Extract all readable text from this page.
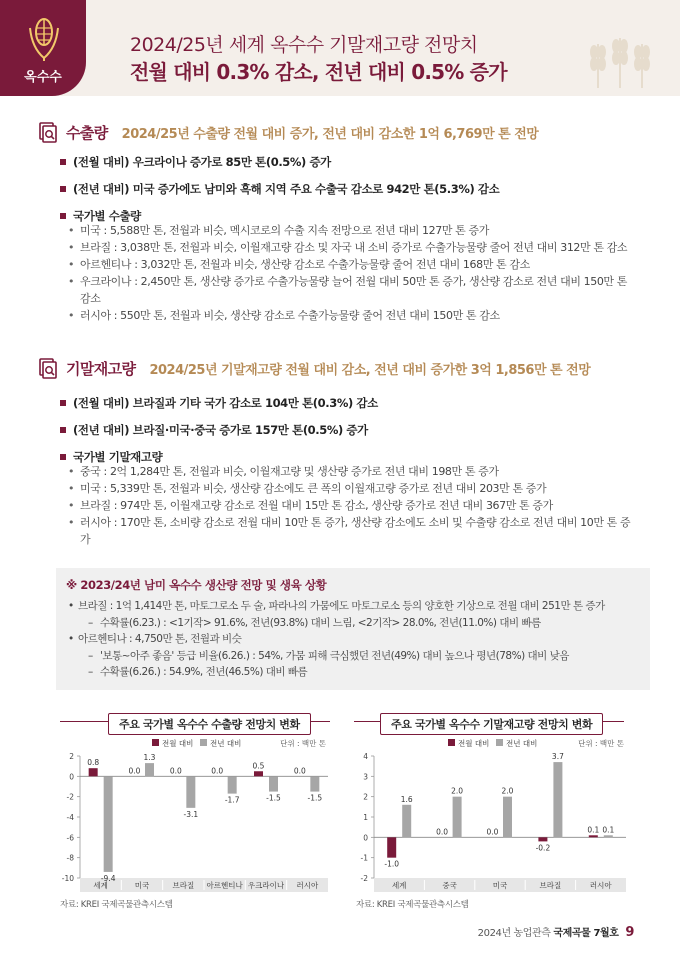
옥수수
2024/25년 세계 옥수수 기말재고량 전망치
전월 대비 0.3% 감소, 전년 대비 0.5% 증가
수출량 2024/25년 수출량 전월 대비 증가, 전년 대비 감소한 1억 6,769만 톤 전망
(전월 대비) 우크라이나 증가로 85만 톤(0.5%) 증가
(전년 대비) 미국 증가에도 남미와 흑해 지역 주요 수출국 감소로 942만 톤(5.3%) 감소
국가별 수출량
• 미국 : 5,588만 톤, 전월과 비슷, 멕시코로의 수출 지속 전망으로 전년 대비 127만 톤 증가
• 브라질 : 3,038만 톤, 전월과 비슷, 이월재고량 감소 및 자국 내 소비 증가로 수출가능물량 줄어 전년 대비 312만 톤 감소
• 아르헨티나 : 3,032만 톤, 전월과 비슷, 생산량 감소로 수출가능물량 줄어 전년 대비 168만 톤 감소
• 우크라이나 : 2,450만 톤, 생산량 증가로 수출가능물량 늘어 전월 대비 50만 톤 증가, 생산량 감소로 전년 대비 150만 톤 감소
• 러시아 : 550만 톤, 전월과 비슷, 생산량 감소로 수출가능물량 줄어 전년 대비 150만 톤 감소
기말재고량 2024/25년 기말재고량 전월 대비 감소, 전년 대비 증가한 3억 1,856만 톤 전망
(전월 대비) 브라질과 기타 국가 감소로 104만 톤(0.3%) 감소
(전년 대비) 브라질·미국·중국 증가로 157만 톤(0.5%) 증가
국가별 기말재고량
• 중국 : 2억 1,284만 톤, 전월과 비슷, 이월재고량 및 생산량 증가로 전년 대비 198만 톤 증가
• 미국 : 5,339만 톤, 전월과 비슷, 생산량 감소에도 큰 폭의 이월재고량 증가로 전년 대비 203만 톤 증가
• 브라질 : 974만 톤, 이월재고량 감소로 전월 대비 15만 톤 감소, 생산량 증가로 전년 대비 367만 톤 증가
• 러시아 : 170만 톤, 소비량 감소로 전월 대비 10만 톤 증가, 생산량 감소에도 소비 및 수출량 감소로 전년 대비 10만 톤 증가
※ 2023/24년 남미 옥수수 생산량 전망 및 생육 상황
• 브라질 : 1억 1,414만 톤, 마토그로소 두 술, 파라나의 가뭄에도 마토그로소 등의 양호한 기상으로 전월 대비 251만 톤 증가
– 수확률(6.23.) : <1기작> 91.6%, 전년(93.8%) 대비 느림, <2기작> 28.0%, 전년(11.0%) 대비 빠름
• 아르헨티나 : 4,750만 톤, 전월과 비슷
– '보통~아주 좋음' 등급 비율(6.26.) : 54%, 가뭄 피해 극심했던 전년(49%) 대비 높으나 평년(78%) 대비 낮음
– 수확률(6.26.) : 54.9%, 전년(46.5%) 대비 빠름
주요 국가별 옥수수 수출량 전망치 변화
전월 대비 전년 대비	단위 : 백만 톤
2
0
-2
-4
-6
-8
-10
세계
0.8
-9.4
미국
0.0
1.3
브라질
0.0
-3.1
아르헨티나
0.0
-1.7
우크라이나
0.5
-1.5
러시아
0.0
-1.5
자료: KREI 국제곡물관측시스템
주요 국가별 옥수수 기말재고량 전망치 변화
전월 대비 전년 대비	단위 : 백만 톤
4
3
2
1
0
-1
-2
세계
-1.0
1.6
중국
0.0
2.0
미국
0.0
2.0
브라질
-0.2
3.7
러시아
0.1 0.1
자료: KREI 국제곡물관측시스템
2024년 농업관측 국제곡물 7월호 9
